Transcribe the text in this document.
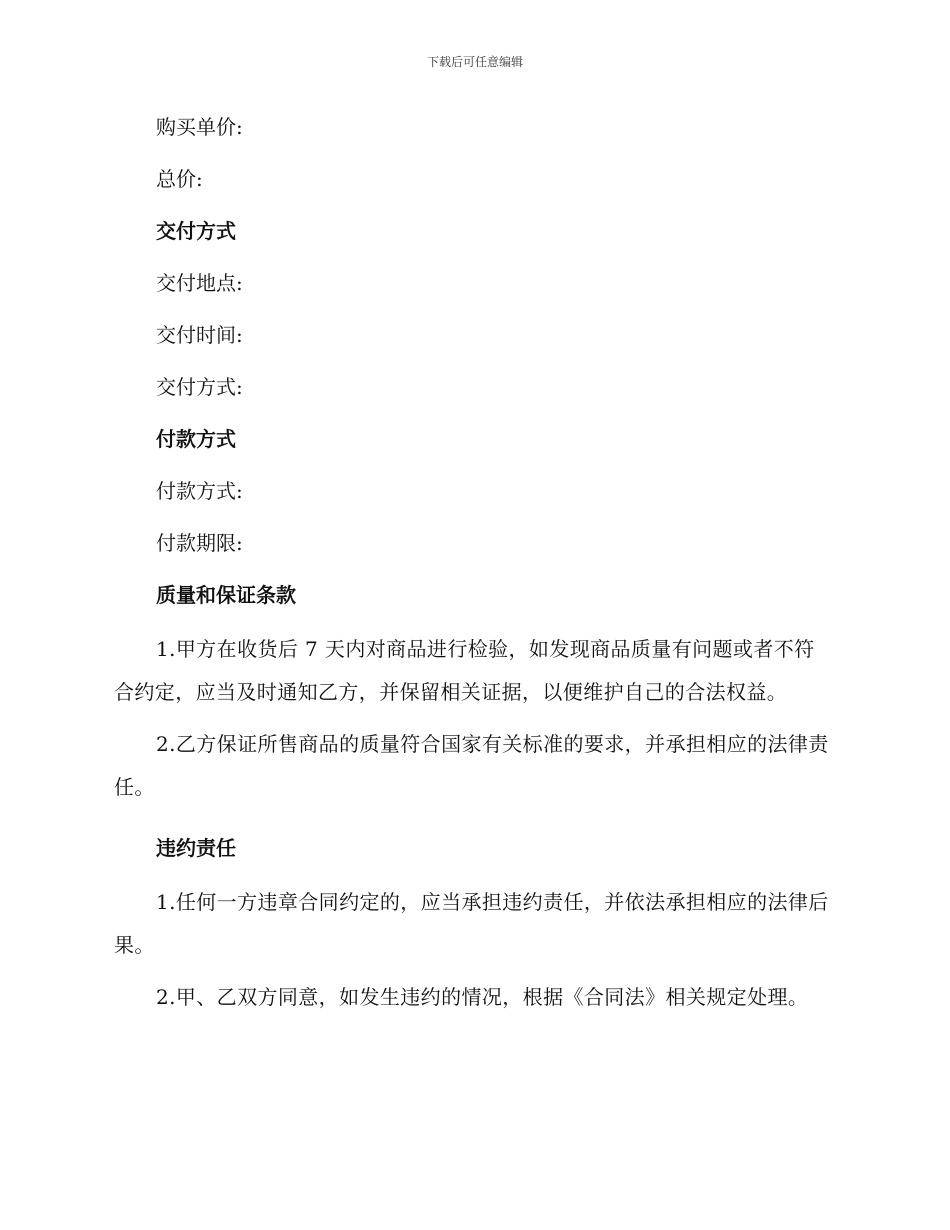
下载后可任意编辑
购买单价:
总价:
交付方式
交付地点:
交付时间:
交付方式:
付款方式
付款方式:
付款期限:
质量和保证条款
1.甲方在收货后 7 天内对商品进行检验，如发现商品质量有问题或者不符合约定，应当及时通知乙方，并保留相关证据，以便维护自己的合法权益。
2.乙方保证所售商品的质量符合国家有关标准的要求，并承担相应的法律责任。
违约责任
1.任何一方违章合同约定的，应当承担违约责任，并依法承担相应的法律后果。
2.甲、乙双方同意，如发生违约的情况，根据《合同法》相关规定处理。
